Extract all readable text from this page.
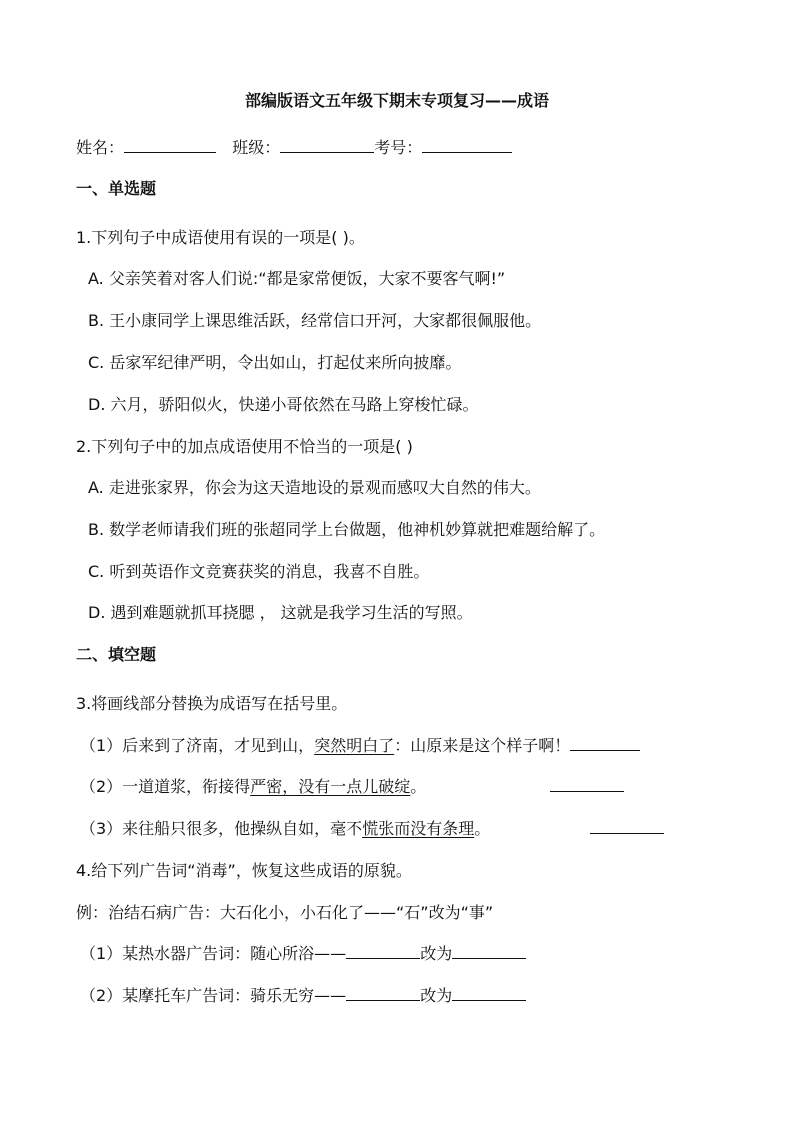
部编版语文五年级下期末专项复习——成语
姓名：	班级：	考号：
一、单选题
1.下列句子中成语使用有误的一项是( )。
A. 父亲笑着对客人们说:“都是家常便饭，大家不要客气啊!”
B. 王小康同学上课思维活跃，经常信口开河，大家都很佩服他。
C. 岳家军纪律严明，令出如山，打起仗来所向披靡。
D. 六月，骄阳似火，快递小哥依然在马路上穿梭忙碌。
2.下列句子中的加点成语使用不恰当的一项是( )
A. 走进张家界，你会为这天造地设的景观而感叹大自然的伟大。
B. 数学老师请我们班的张超同学上台做题，他神机妙算就把难题给解了。
C. 听到英语作文竞赛获奖的消息，我喜不自胜。
D. 遇到难题就抓耳挠腮 ， 这就是我学习生活的写照。
二、填空题
3.将画线部分替换为成语写在括号里。
（1）后来到了济南，才见到山，突然明白了：山原来是这个样子啊！
（2）一道道浆，衔接得严密，没有一点儿破绽。
（3）来往船只很多，他操纵自如，毫不慌张而没有条理。
4.给下列广告词“消毒”，恢复这些成语的原貌。
例：治结石病广告：大石化小，小石化了——“石”改为“事”
（1）某热水器广告词：随心所浴——	改为
（2）某摩托车广告词：骑乐无穷——	改为
